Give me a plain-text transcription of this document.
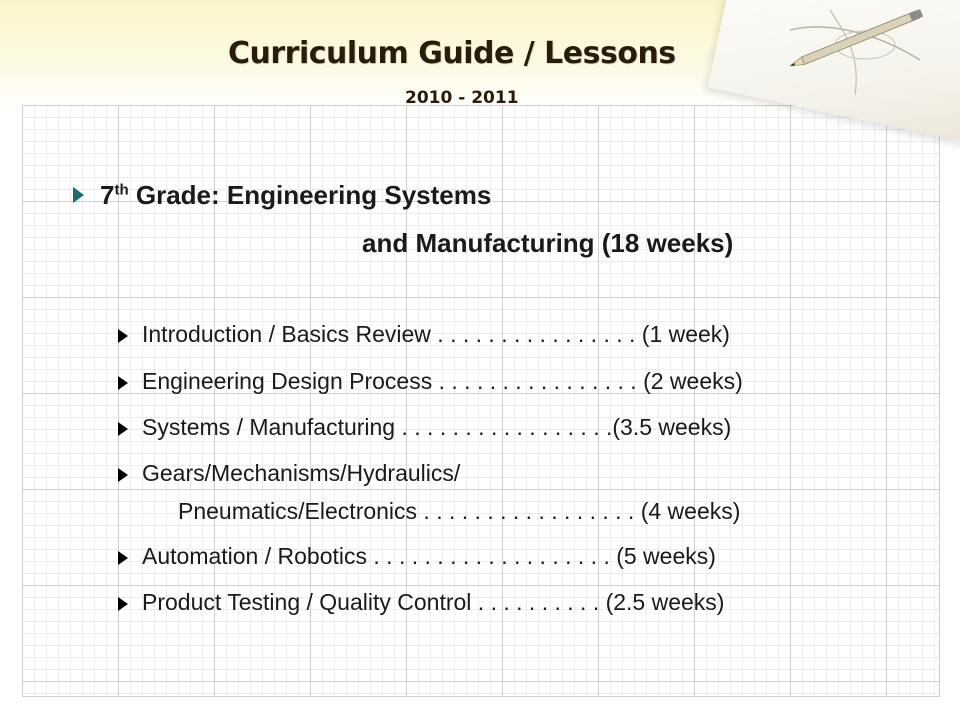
Curriculum Guide / Lessons
2010 - 2011
7th Grade: Engineering Systems
and Manufacturing (18 weeks)
Introduction / Basics Review . . . . . . . . . . . . . . . . (1 week)
Engineering Design Process . . . . . . . . . . . . . . . . (2 weeks)
Systems / Manufacturing . . . . . . . . . . . . . . . . .(3.5 weeks)
Gears/Mechanisms/Hydraulics/
Pneumatics/Electronics . . . . . . . . . . . . . . . . . (4 weeks)
Automation / Robotics . . . . . . . . . . . . . . . . . . . (5 weeks)
Product Testing / Quality Control . . . . . . . . . . (2.5 weeks)
